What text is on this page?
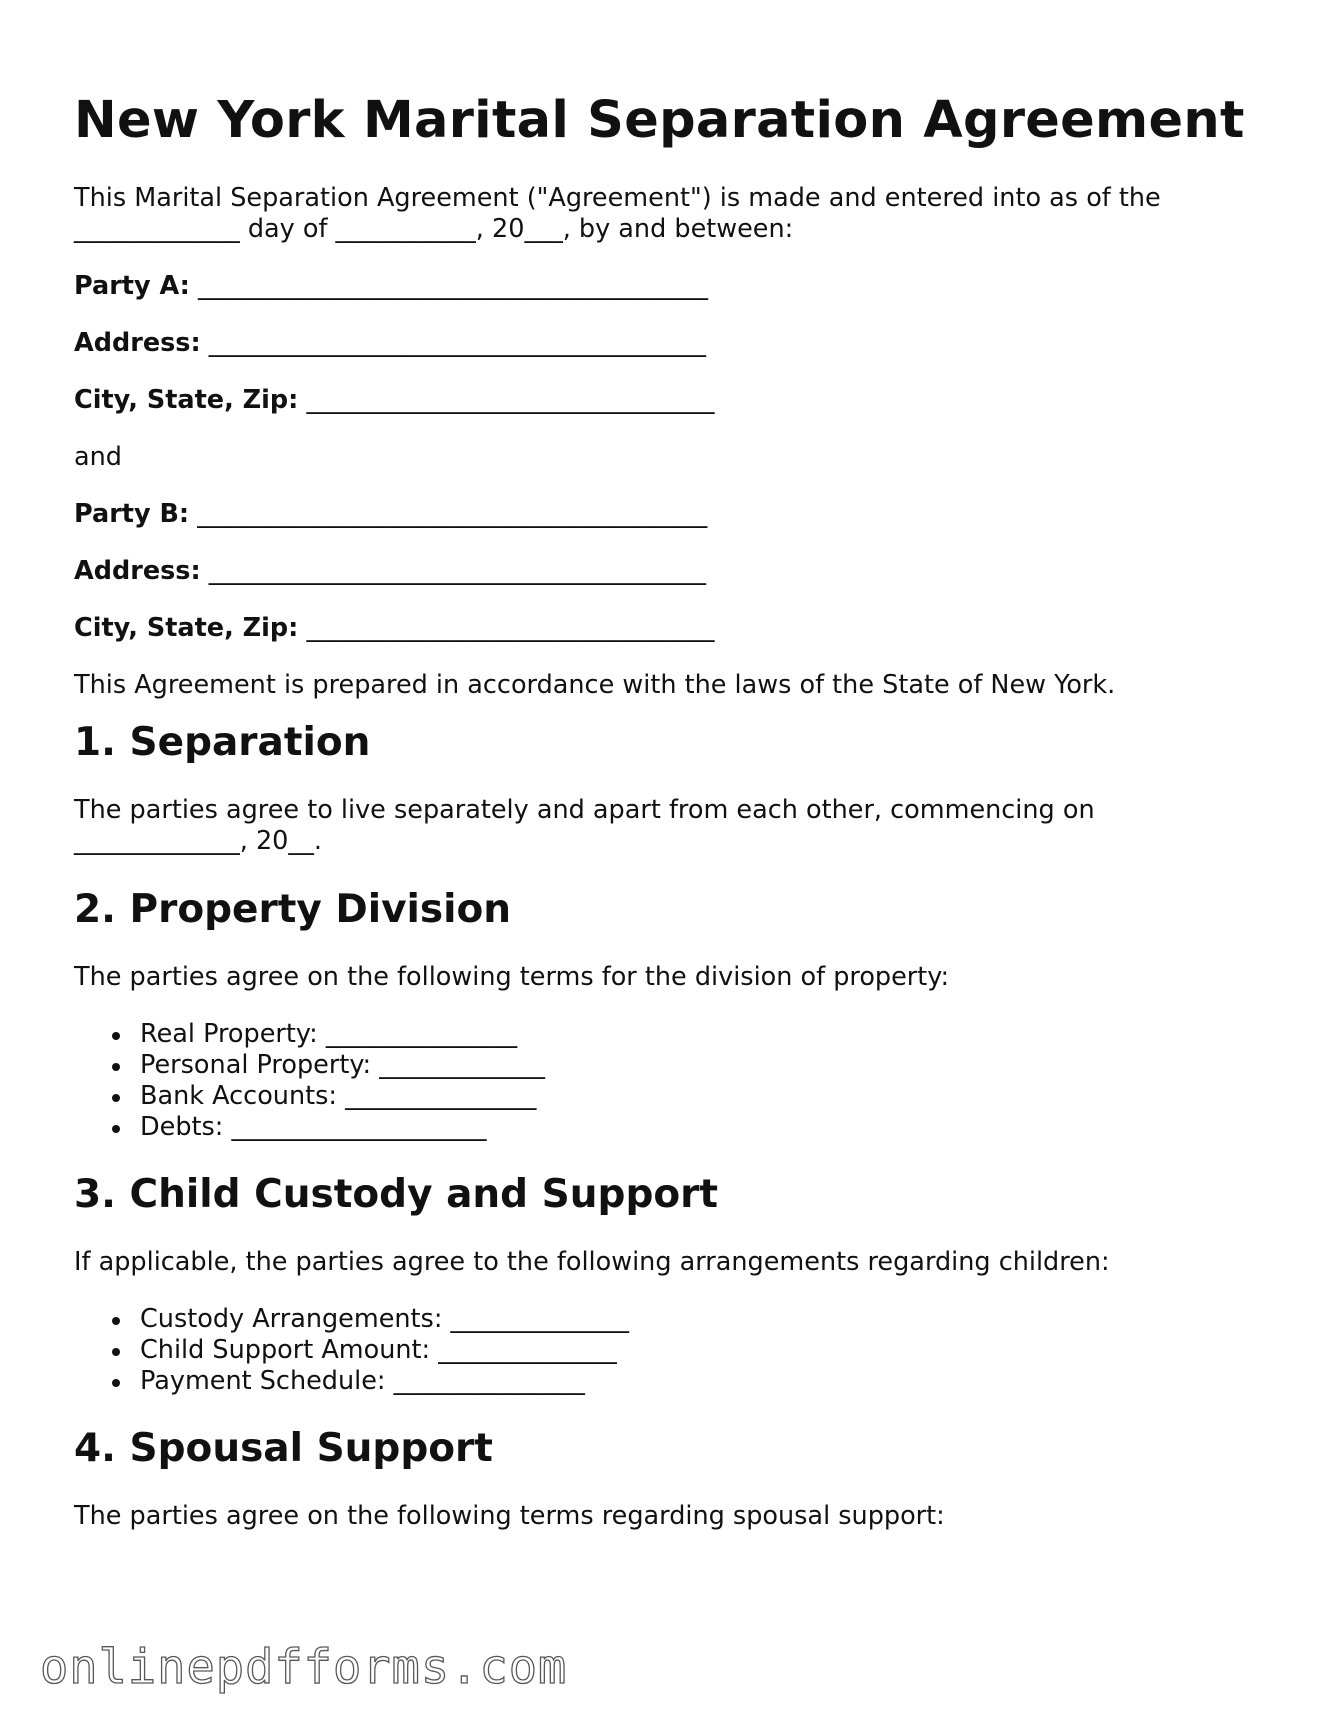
New York Marital Separation Agreement

This Marital Separation Agreement ("Agreement") is made and entered into as of the _____________ day of ___________, 20___, by and between:

Party A: ________________________________________

Address: _______________________________________

City, State, Zip: ________________________________

and

Party B: ________________________________________

Address: _______________________________________

City, State, Zip: ________________________________

This Agreement is prepared in accordance with the laws of the State of New York.

1. Separation

The parties agree to live separately and apart from each other, commencing on _____________, 20__.

2. Property Division

The parties agree on the following terms for the division of property:

Real Property: _______________
Personal Property: _____________
Bank Accounts: _______________
Debts: ____________________
3. Child Custody and Support

If applicable, the parties agree to the following arrangements regarding children:

Custody Arrangements: ______________
Child Support Amount: ______________
Payment Schedule: _______________
4. Spousal Support

The parties agree on the following terms regarding spousal support:

onlinepdfforms.com
